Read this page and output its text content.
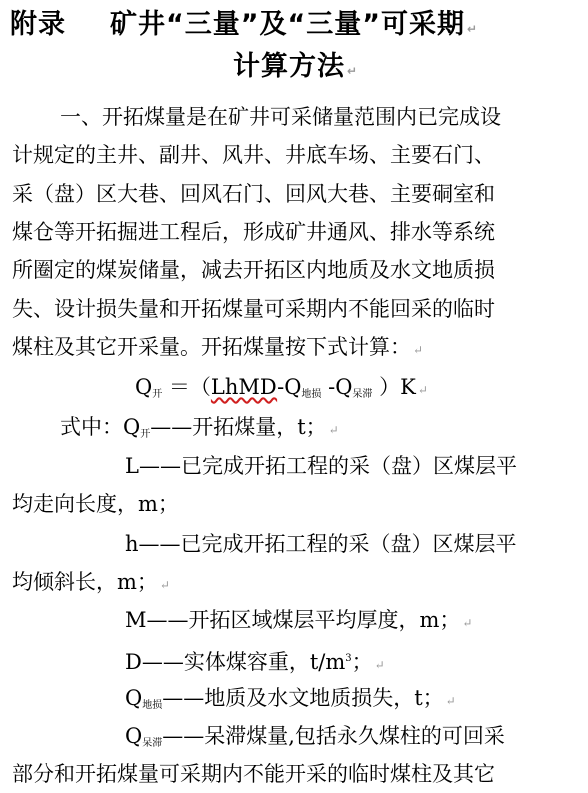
附录 矿井“三量”及“三量”可采期 ↵
计算方法 ↵
一、开拓煤量是在矿井可采储量范围内已完成设
计规定的主井、副井、风井、井底车场、主要石门、
采（盘）区大巷、回风石门、回风大巷、主要硐室和
煤仓等开拓掘进工程后，形成矿井通风、排水等系统
所圈定的煤炭储量，减去开拓区内地质及水文地质损
失、设计损失量和开拓煤量可采期内不能回采的临时
煤柱及其它开采量。开拓煤量按下式计算： ↵
$Q_开$ $=(LhMD-Q_{地损}$ $-Q_{呆滞}$ ）K ↵
式中：$Q_开——$开拓煤量，t； ↵
L——已完成开拓工程的采（盘）区煤层平
均走向长度，m；
h——已完成开拓工程的采（盘）区煤层平
均倾斜长，m； ↵
M——开拓区域煤层平均厚度，m； ↵
D——实体煤容重，$t/m^3$； ↵
$Q_{地损}——$地质及水文地质损失，t； ↵
$Q_{呆滞}——$呆滞煤量,包括永久煤柱的可回采
部分和开拓煤量可采期内不能开采的临时煤柱及其它
